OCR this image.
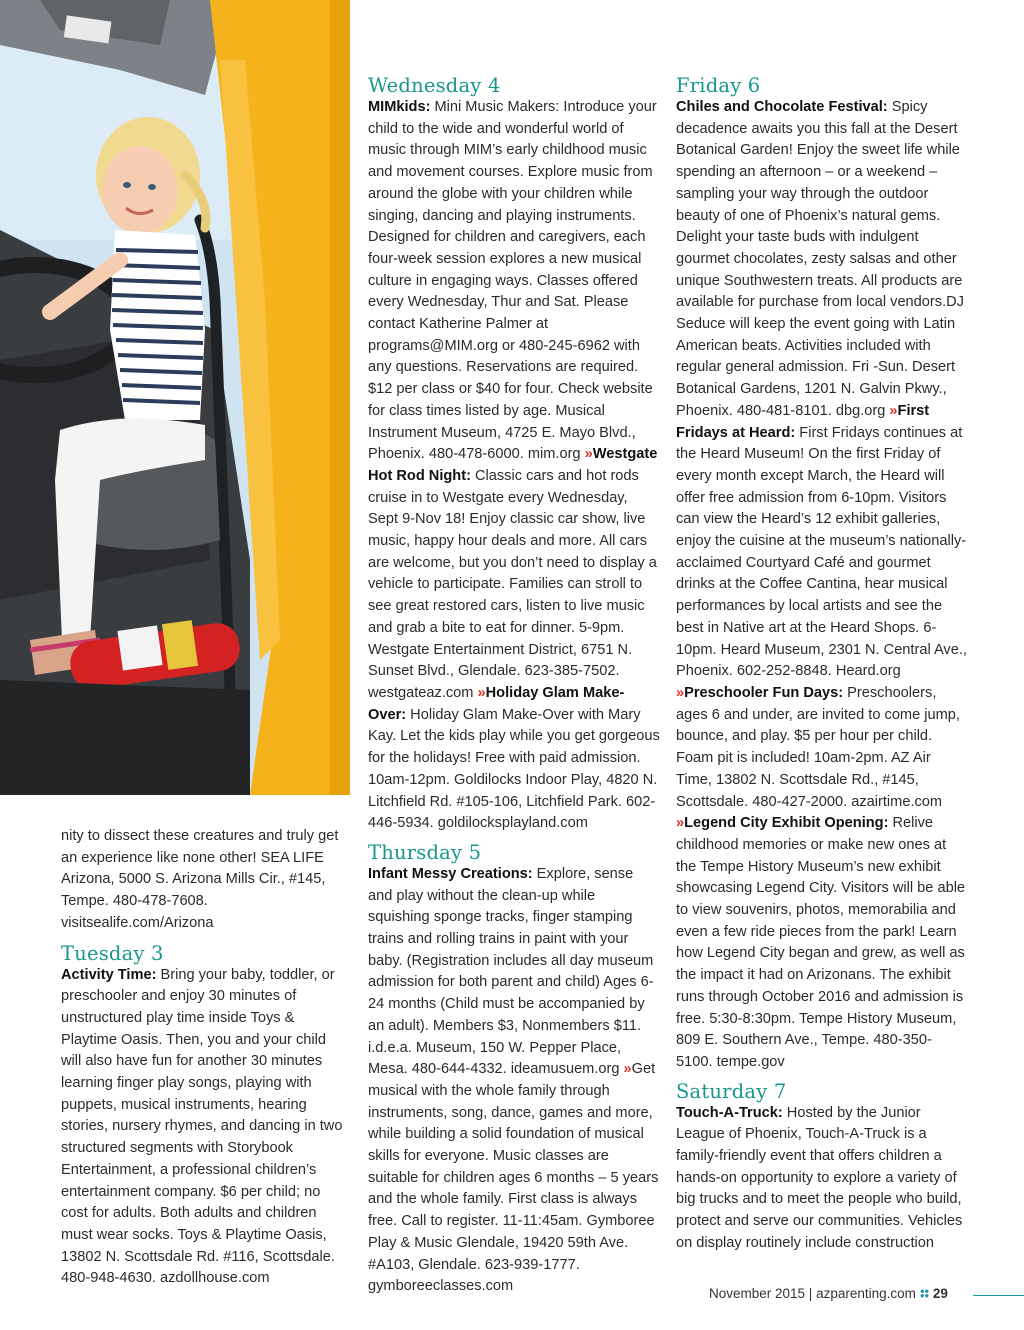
nity to dissect these creatures and truly get an experience like none other! SEA LIFE Arizona, 5000 S. Arizona Mills Cir., #145, Tempe. 480-478-7608. visitsealife.com/Arizona

Tuesday 3

Activity Time: Bring your baby, toddler, or preschooler and enjoy 30 minutes of unstructured play time inside Toys & Playtime Oasis. Then, you and your child will also have fun for another 30 minutes learning finger play songs, playing with puppets, musical instruments, hearing stories, nursery rhymes, and dancing in two structured segments with Storybook Entertainment, a professional children’s entertainment company. $6 per child; no cost for adults. Both adults and children must wear socks. Toys & Playtime Oasis, 13802 N. Scottsdale Rd. #116, Scottsdale. 480-948-4630. azdollhouse.com

Wednesday 4

MIMkids: Mini Music Makers: Introduce your child to the wide and wonderful world of music through MIM’s early childhood music and movement courses. Explore music from around the globe with your children while singing, dancing and playing instruments. Designed for children and caregivers, each four-week session explores a new musical culture in engaging ways. Classes offered every Wednesday, Thur and Sat. Please contact Katherine Palmer at programs@MIM.org or 480-245-6962 with any questions. Reservations are required. $12 per class or $40 for four. Check website for class times listed by age. Musical Instrument Museum, 4725 E. Mayo Blvd., Phoenix. 480-478-6000. mim.org »Westgate Hot Rod Night: Classic cars and hot rods cruise in to Westgate every Wednesday, Sept 9-Nov 18! Enjoy classic car show, live music, happy hour deals and more. All cars are welcome, but you don’t need to display a vehicle to participate. Families can stroll to see great restored cars, listen to live music and grab a bite to eat for dinner. 5-9pm. Westgate Entertainment District, 6751 N. Sunset Blvd., Glendale. 623-385-7502. westgateaz.com »Holiday Glam Make-Over: Holiday Glam Make-Over with Mary Kay. Let the kids play while you get gorgeous for the holidays! Free with paid admission. 10am-12pm. Goldilocks Indoor Play, 4820 N. Litchfield Rd. #105-106, Litchfield Park. 602-446-5934. goldilocksplayland.com

Thursday 5

Infant Messy Creations: Explore, sense and play without the clean-up while squishing sponge tracks, finger stamping trains and rolling trains in paint with your baby. (Registration includes all day museum admission for both parent and child) Ages 6-24 months (Child must be accompanied by an adult). Members $3, Nonmembers $11. i.d.e.a. Museum, 150 W. Pepper Place, Mesa. 480-644-4332. ideamusuem.org »Get musical with the whole family through instruments, song, dance, games and more, while building a solid foundation of musical skills for everyone. Music classes are suitable for children ages 6 months – 5 years and the whole family. First class is always free. Call to register. 11-11:45am. Gymboree Play & Music Glendale, 19420 59th Ave. #A103, Glendale. 623-939-1777. gymboreeclasses.com

Friday 6

Chiles and Chocolate Festival: Spicy decadence awaits you this fall at the Desert Botanical Garden! Enjoy the sweet life while spending an afternoon – or a weekend – sampling your way through the outdoor beauty of one of Phoenix’s natural gems. Delight your taste buds with indulgent gourmet chocolates, zesty salsas and other unique Southwestern treats. All products are available for purchase from local vendors.DJ Seduce will keep the event going with Latin American beats. Activities included with regular general admission. Fri -Sun. Desert Botanical Gardens, 1201 N. Galvin Pkwy., Phoenix. 480-481-8101. dbg.org »First Fridays at Heard: First Fridays continues at the Heard Museum! On the first Friday of every month except March, the Heard will offer free admission from 6-10pm. Visitors can view the Heard’s 12 exhibit galleries, enjoy the cuisine at the museum’s nationally-acclaimed Courtyard Café and gourmet drinks at the Coffee Cantina, hear musical performances by local artists and see the best in Native art at the Heard Shops. 6-10pm. Heard Museum, 2301 N. Central Ave., Phoenix. 602-252-8848. Heard.org »Preschooler Fun Days: Preschoolers, ages 6 and under, are invited to come jump, bounce, and play. $5 per hour per child. Foam pit is included! 10am-2pm. AZ Air Time, 13802 N. Scottsdale Rd., #145, Scottsdale. 480-427-2000. azairtime.com

»Legend City Exhibit Opening: Relive childhood memories or make new ones at the Tempe History Museum’s new exhibit showcasing Legend City. Visitors will be able to view souvenirs, photos, memorabilia and even a few ride pieces from the park! Learn how Legend City began and grew, as well as the impact it had on Arizonans. The exhibit runs through October 2016 and admission is free. 5:30-8:30pm. Tempe History Museum, 809 E. Southern Ave., Tempe. 480-350-5100. tempe.gov

Saturday 7

Touch-A-Truck: Hosted by the Junior League of Phoenix, Touch-A-Truck is a family-friendly event that offers children a hands-on opportunity to explore a variety of big trucks and to meet the people who build, protect and serve our communities. Vehicles on display routinely include construction

November 2015 | azparenting.com 29
